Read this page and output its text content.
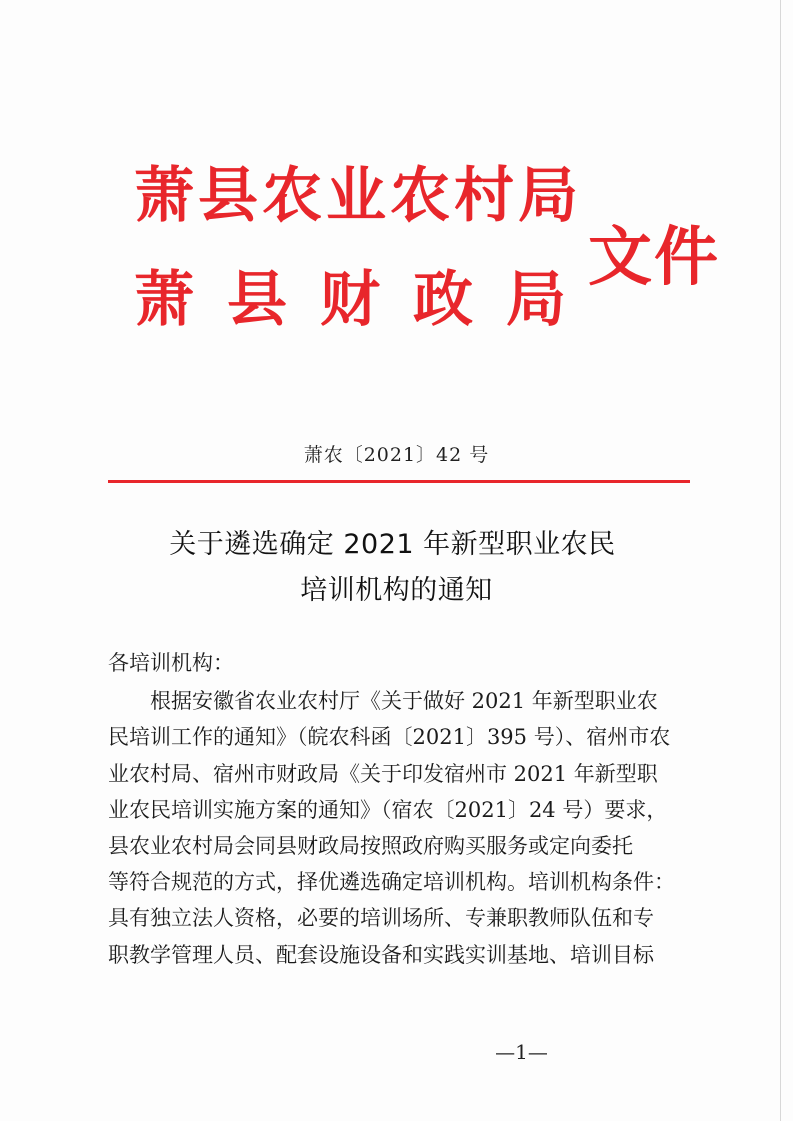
萧县农业农村局
萧县财政局
文件
萧农〔2021〕42 号
关于遴选确定 2021 年新型职业农民
培训机构的通知
各培训机构：
　　根据安徽省农业农村厅《关于做好 2021 年新型职业农
民培训工作的通知》（皖农科函〔2021〕395 号）、宿州市农
业农村局、宿州市财政局《关于印发宿州市 2021 年新型职
业农民培训实施方案的通知》（宿农〔2021〕24 号）要求，
县农业农村局会同县财政局按照政府购买服务或定向委托
等符合规范的方式，择优遴选确定培训机构。培训机构条件：
具有独立法人资格，必要的培训场所、专兼职教师队伍和专
职教学管理人员、配套设施设备和实践实训基地、培训目标
—1—
